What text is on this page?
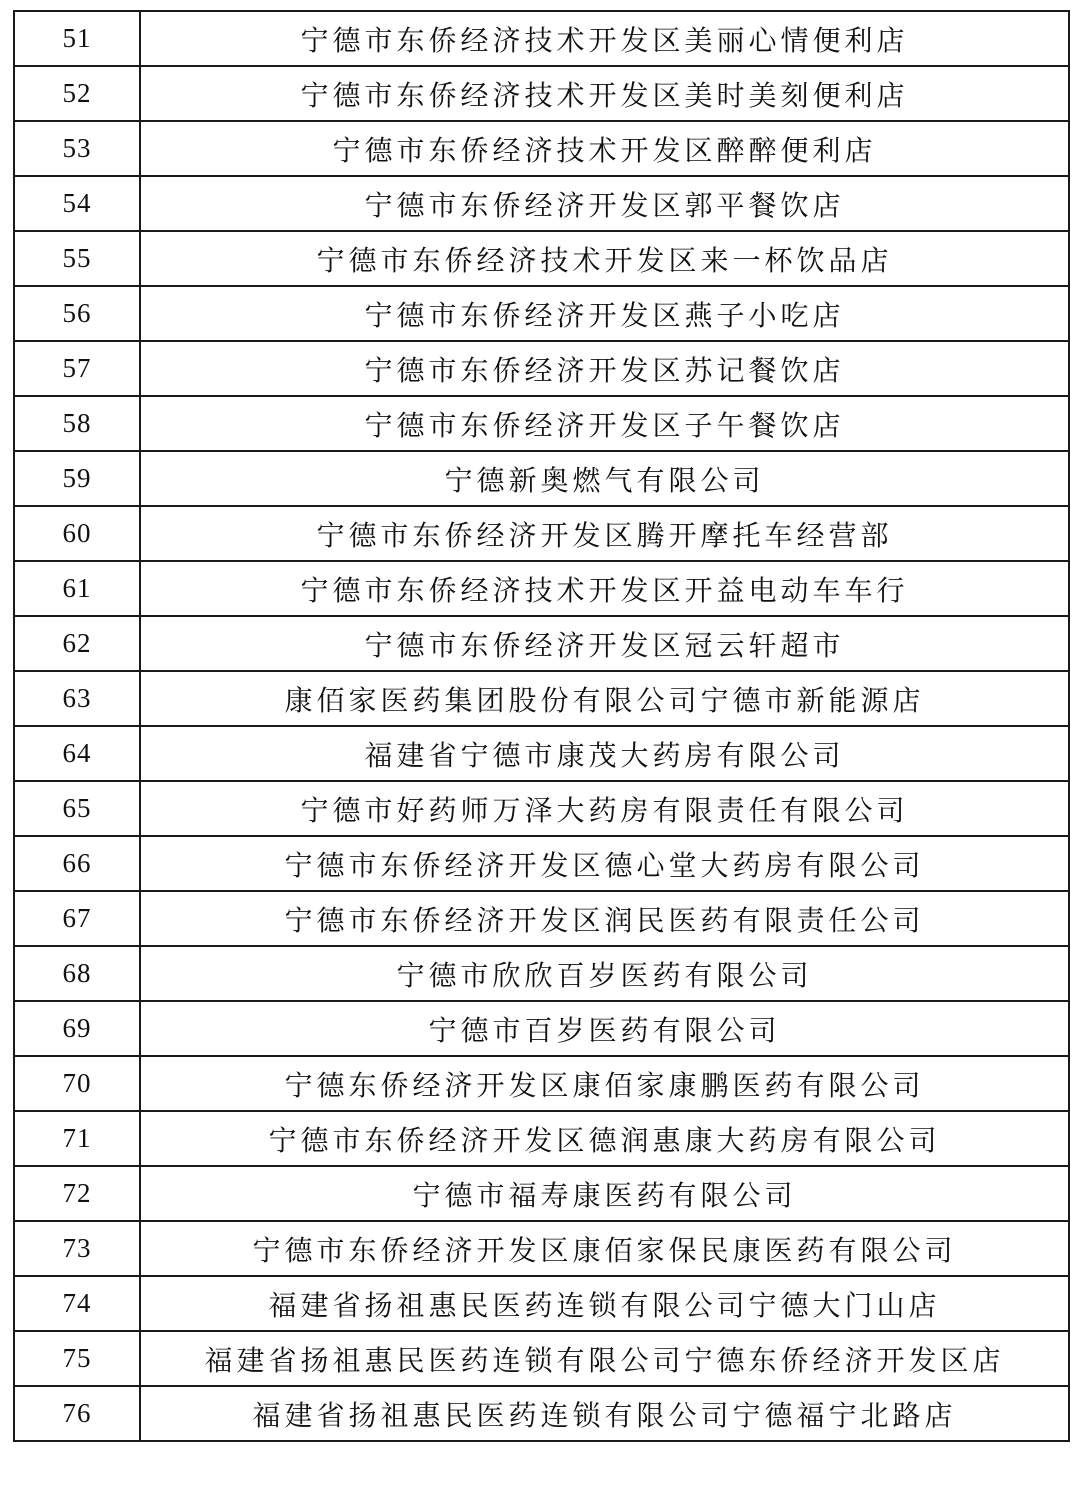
51	宁德市东侨经济技术开发区美丽心情便利店
52	宁德市东侨经济技术开发区美时美刻便利店
53	宁德市东侨经济技术开发区醉醉便利店
54	宁德市东侨经济开发区郭平餐饮店
55	宁德市东侨经济技术开发区来一杯饮品店
56	宁德市东侨经济开发区燕子小吃店
57	宁德市东侨经济开发区苏记餐饮店
58	宁德市东侨经济开发区子午餐饮店
59	宁德新奥燃气有限公司
60	宁德市东侨经济开发区腾开摩托车经营部
61	宁德市东侨经济技术开发区开益电动车车行
62	宁德市东侨经济开发区冠云轩超市
63	康佰家医药集团股份有限公司宁德市新能源店
64	福建省宁德市康茂大药房有限公司
65	宁德市好药师万泽大药房有限责任有限公司
66	宁德市东侨经济开发区德心堂大药房有限公司
67	宁德市东侨经济开发区润民医药有限责任公司
68	宁德市欣欣百岁医药有限公司
69	宁德市百岁医药有限公司
70	宁德东侨经济开发区康佰家康鹏医药有限公司
71	宁德市东侨经济开发区德润惠康大药房有限公司
72	宁德市福寿康医药有限公司
73	宁德市东侨经济开发区康佰家保民康医药有限公司
74	福建省扬祖惠民医药连锁有限公司宁德大门山店
75	福建省扬祖惠民医药连锁有限公司宁德东侨经济开发区店
76	福建省扬祖惠民医药连锁有限公司宁德福宁北路店
